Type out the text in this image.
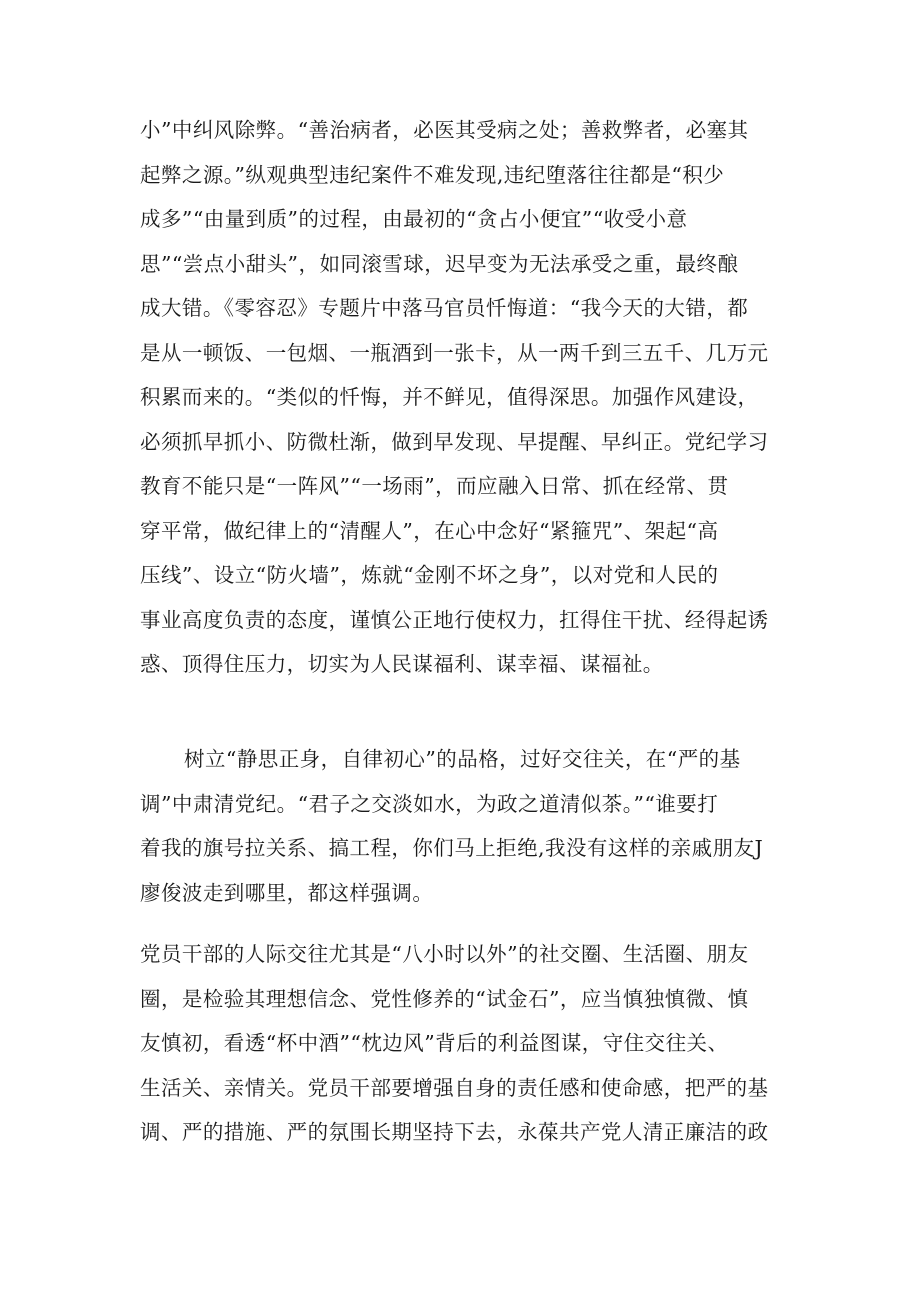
小”中纠风除弊。“善治病者，必医其受病之处；善救弊者，必塞其
起弊之源。”纵观典型违纪案件不难发现,违纪堕落往往都是“积少
成多”“由量到质”的过程，由最初的“贪占小便宜”“收受小意
思”“尝点小甜头”，如同滚雪球，迟早变为无法承受之重，最终酿
成大错。《零容忍》专题片中落马官员忏悔道：“我今天的大错，都
是从一顿饭、一包烟、一瓶酒到一张卡，从一两千到三五千、几万元
积累而来的。“类似的忏悔，并不鲜见，值得深思。加强作风建设，
必须抓早抓小、防微杜渐，做到早发现、早提醒、早纠正。党纪学习
教育不能只是“一阵风”“一场雨”，而应融入日常、抓在经常、贯
穿平常，做纪律上的“清醒人”，在心中念好“紧箍咒”、架起“高
压线”、设立“防火墙”，炼就“金刚不坏之身”，以对党和人民的
事业高度负责的态度，谨慎公正地行使权力，扛得住干扰、经得起诱
惑、顶得住压力，切实为人民谋福利、谋幸福、谋福祉。
树立“静思正身，自律初心”的品格，过好交往关，在“严的基
调”中肃清党纪。“君子之交淡如水，为政之道清似茶。”“谁要打
着我的旗号拉关系、搞工程，你们马上拒绝,我没有这样的亲戚朋友J
廖俊波走到哪里，都这样强调。
党员干部的人际交往尤其是“八小时以外”的社交圈、生活圈、朋友
圈，是检验其理想信念、党性修养的“试金石”，应当慎独慎微、慎
友慎初，看透“杯中酒”“枕边风”背后的利益图谋，守住交往关、
生活关、亲情关。党员干部要增强自身的责任感和使命感，把严的基
调、严的措施、严的氛围长期坚持下去，永葆共产党人清正廉洁的政
